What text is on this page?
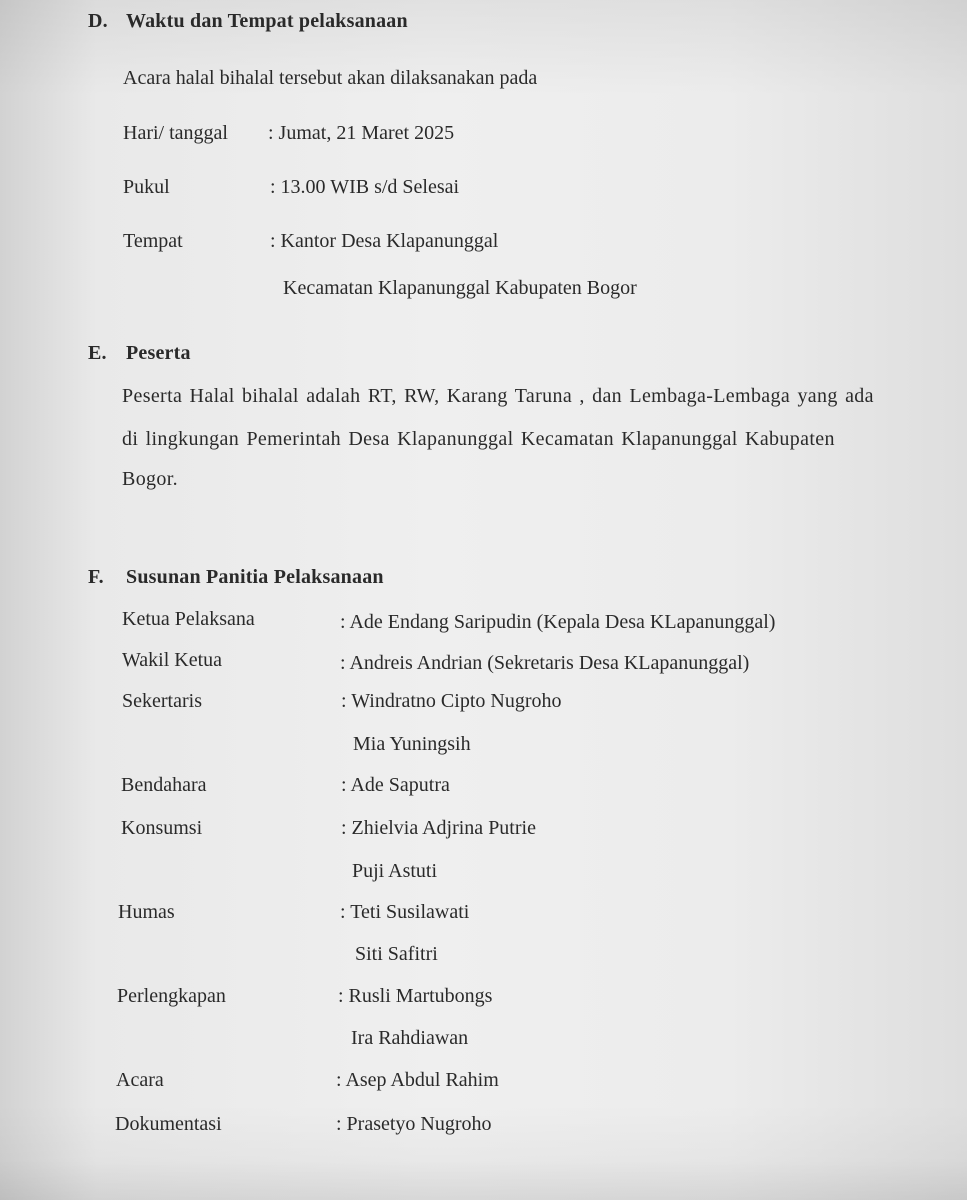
D. Waktu dan Tempat pelaksanaan
Acara halal bihalal tersebut akan dilaksanakan pada
Hari/ tanggal : Jumat, 21 Maret 2025
Pukul	: 13.00 WIB s/d Selesai
Tempat	: Kantor Desa Klapanunggal
Kecamatan Klapanunggal Kabupaten Bogor
E. Peserta
Peserta Halal bihalal adalah RT, RW, Karang Taruna , dan Lembaga-Lembaga yang ada
di lingkungan Pemerintah Desa Klapanunggal Kecamatan Klapanunggal Kabupaten
Bogor.
F. Susunan Panitia Pelaksanaan
Ketua Pelaksana	: Ade Endang Saripudin (Kepala Desa KLapanunggal)
Wakil Ketua	: Andreis Andrian (Sekretaris Desa KLapanunggal)
Sekertaris	: Windratno Cipto Nugroho
Mia Yuningsih
Bendahara	: Ade Saputra
Konsumsi	: Zhielvia Adjrina Putrie
Puji Astuti
Humas	: Teti Susilawati
Siti Safitri
Perlengkapan	: Rusli Martubongs
Ira Rahdiawan
Acara	: Asep Abdul Rahim
Dokumentasi	: Prasetyo Nugroho
